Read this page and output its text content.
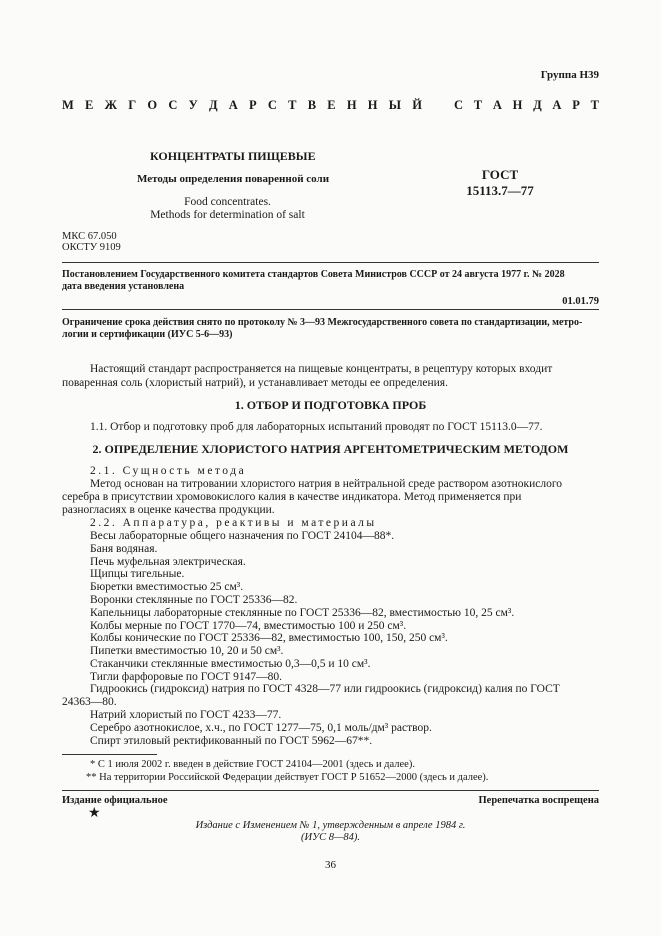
Группа Н39
М Е Ж Г О С У Д А Р С Т В Е Н Н Ы Й	С Т А Н Д А Р Т
КОНЦЕНТРАТЫ ПИЩЕВЫЕ
Методы определения поваренной соли
Food concentrates.
Methods for determination of salt
ГОСТ
15113.7—77
МКС 67.050
ОКСТУ 9109
Постановлением Государственного комитета стандартов Совета Министров СССР от 24 августа 1977 г. № 2028
дата введения установлена
01.01.79
Ограничение срока действия снято по протоколу № 3—93 Межгосударственного совета по стандартизации, метро-
логии и сертификации (ИУС 5-6—93)
Настоящий стандарт распространяется на пищевые концентраты, в рецептуру которых входит
поваренная соль (хлористый натрий), и устанавливает методы ее определения.
1. ОТБОР И ПОДГОТОВКА ПРОБ
1.1. Отбор и подготовку проб для лабораторных испытаний проводят по ГОСТ 15113.0—77.
2. ОПРЕДЕЛЕНИЕ ХЛОРИСТОГО НАТРИЯ АРГЕНТОМЕТРИЧЕСКИМ МЕТОДОМ
2.1. Сущность метода
Метод основан на титровании хлористого натрия в нейтральной среде раствором азотнокислого
серебра в присутствии хромовокислого калия в качестве индикатора. Метод применяется при
разногласиях в оценке качества продукции.
2.2. Аппаратура, реактивы и материалы
Весы лабораторные общего назначения по ГОСТ 24104—88*.
Баня водяная.
Печь муфельная электрическая.
Щипцы тигельные.
Бюретки вместимостью 25 см³.
Воронки стеклянные по ГОСТ 25336—82.
Капельницы лабораторные стеклянные по ГОСТ 25336—82, вместимостью 10, 25 см³.
Колбы мерные по ГОСТ 1770—74, вместимостью 100 и 250 см³.
Колбы конические по ГОСТ 25336—82, вместимостью 100, 150, 250 см³.
Пипетки вместимостью 10, 20 и 50 см³.
Стаканчики стеклянные вместимостью 0,3—0,5 и 10 см³.
Тигли фарфоровые по ГОСТ 9147—80.
Гидроокись (гидроксид) натрия по ГОСТ 4328—77 или гидроокись (гидроксид) калия по ГОСТ
24363—80.
Натрий хлористый по ГОСТ 4233—77.
Серебро азотнокислое, х.ч., по ГОСТ 1277—75, 0,1 моль/дм³ раствор.
Спирт этиловый ректификованный по ГОСТ 5962—67**.
* С 1 июля 2002 г. введен в действие ГОСТ 24104—2001 (здесь и далее).
** На территории Российской Федерации действует ГОСТ Р 51652—2000 (здесь и далее).
Издание официальное	Перепечатка воспрещена
★
Издание с Изменением № 1, утвержденным в апреле 1984 г.
(ИУС 8—84).
36
